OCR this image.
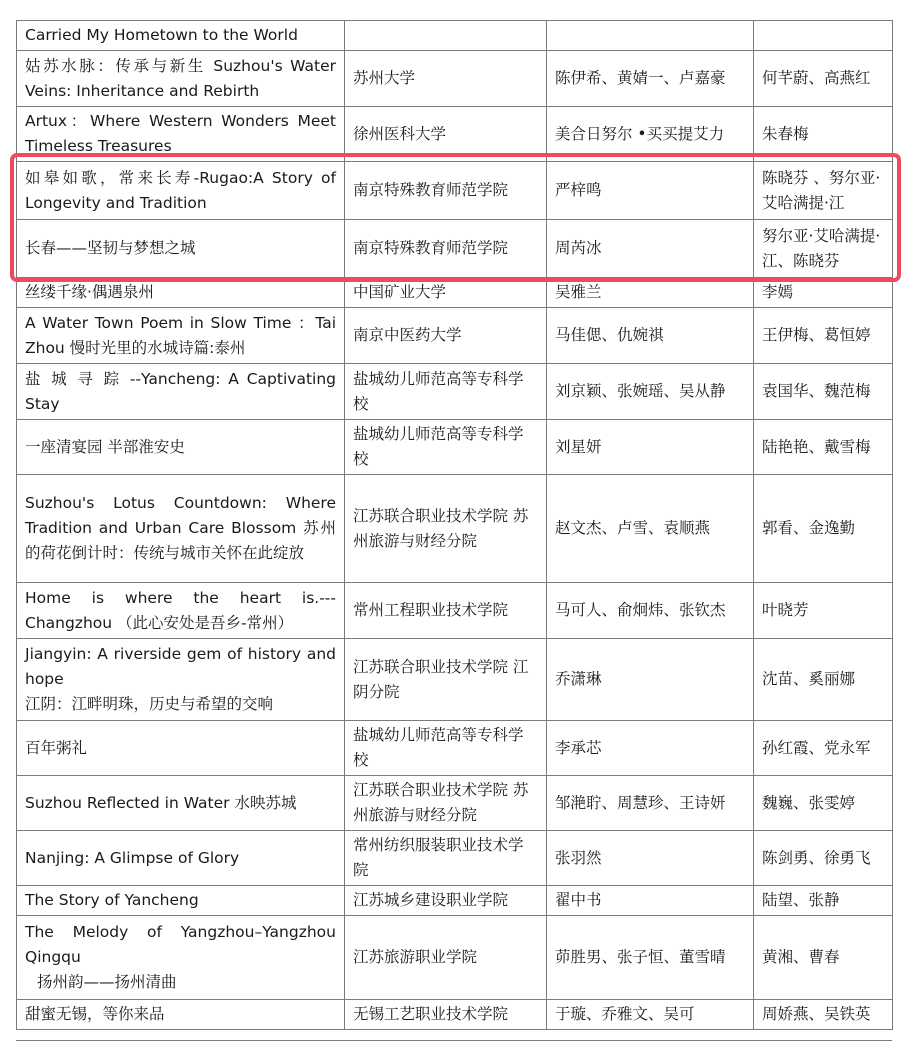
Carried My Hometown to the World			
姑苏水脉：传承与新生 Suzhou's Water Veins: Inheritance and Rebirth	苏州大学	陈伊希、黄婧一、卢嘉豪	何芊蔚、高燕红
Artux：Where Western Wonders Meet Timeless Treasures	徐州医科大学	美合日努尔 •买买提艾力	朱春梅
如皋如歌，常来长寿-Rugao:A Story of Longevity and Tradition	南京特殊教育师范学院	严梓鸣	陈晓芬 、努尔亚·艾哈满提·江
长春——坚韧与梦想之城	南京特殊教育师范学院	周芮冰	努尔亚·艾哈满提·江、陈晓芬
丝缕千缘·偶遇泉州	中国矿业大学	吴雅兰	李嫣
A Water Town Poem in Slow Time ：Tai Zhou 慢时光里的水城诗篇:泰州	南京中医药大学	马佳偲、仇婉祺	王伊梅、葛恒婷
盐 城 寻 踪 --Yancheng: A Captivating Stay	盐城幼儿师范高等专科学校	刘京颖、张婉瑶、吴从静	袁国华、魏范梅
一座清宴园 半部淮安史	盐城幼儿师范高等专科学校	刘星妍	陆艳艳、戴雪梅
Suzhou's Lotus Countdown: Where Tradition and Urban Care Blossom 苏州的荷花倒计时：传统与城市关怀在此绽放	江苏联合职业技术学院 苏州旅游与财经分院	赵文杰、卢雪、袁顺燕	郭看、金逸勤
Home is where the heart is.---Changzhou （此心安处是吾乡-常州）	常州工程职业技术学院	马可人、俞炯炜、张钦杰	叶晓芳

Jiangyin: A riverside gem of history and hope
江阴：江畔明珠，历史与希望的交响	江苏联合职业技术学院 江阴分院	乔潇琳	沈苗、奚丽娜
百年粥礼	盐城幼儿师范高等专科学校	李承芯	孙红霞、党永军
Suzhou Reflected in Water 水映苏城	江苏联合职业技术学院 苏州旅游与财经分院	邹滟聍、周慧珍、王诗妍	魏巍、张雯婷
Nanjing: A Glimpse of Glory	常州纺织服装职业技术学院	张羽然	陈剑勇、徐勇飞
The Story of Yancheng	江苏城乡建设职业学院	翟中书	陆望、张静

The Melody of Yangzhou–Yangzhou Qingqu
扬州韵——扬州清曲	江苏旅游职业学院	茆胜男、张子恒、董雪晴	黄湘、曹春
甜蜜无锡，等你来品	无锡工艺职业技术学院	于璇、乔雅文、吴可	周娇燕、吴铁英
